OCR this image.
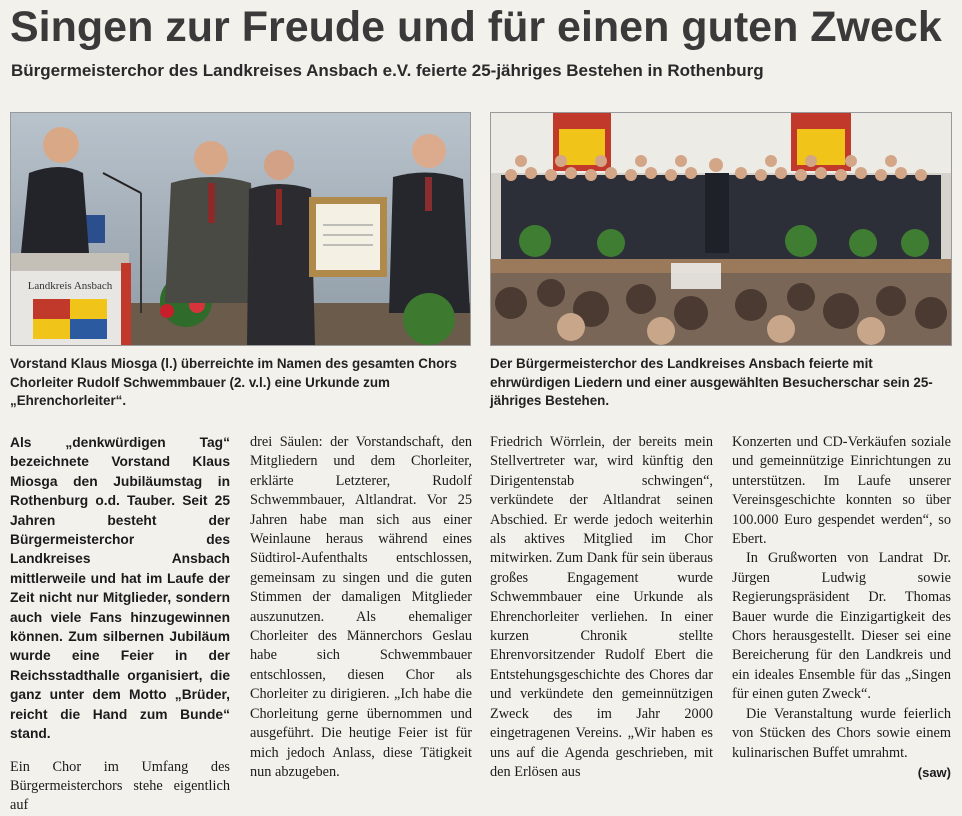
Singen zur Freude und für einen guten Zweck
Bürgermeisterchor des Landkreises Ansbach e.V. feierte 25-jähriges Bestehen in Rothenburg
Landkreis Ansbach
Vorstand Klaus Miosga (l.) überreichte im Namen des gesamten Chors Chorleiter Rudolf Schwemmbauer (2. v.l.) eine Urkunde zum „Ehrenchorleiter“.
Der Bürgermeisterchor des Landkreises Ansbach feierte mit ehrwürdigen Liedern und einer ausgewählten Besucherschar sein 25-jähriges Bestehen.

Als „denkwürdigen Tag“ bezeichnete Vorstand Klaus Miosga den Jubiläumstag in Rothenburg o.d. Tauber. Seit 25 Jahren besteht der Bürgermeisterchor des Landkreises Ansbach mittlerweile und hat im Laufe der Zeit nicht nur Mitglieder, sondern auch viele Fans hinzugewinnen können. Zum silbernen Jubiläum wurde eine Feier in der Reichsstadthalle organisiert, die ganz unter dem Motto „Brüder, reicht die Hand zum Bunde“ stand.

Ein Chor im Umfang des Bürgermeisterchors stehe eigentlich auf

drei Säulen: der Vorstandschaft, den Mitgliedern und dem Chorleiter, erklärte Letzterer, Rudolf Schwemmbauer, Altlandrat. Vor 25 Jahren habe man sich aus einer Weinlaune heraus während eines Südtirol-Aufenthalts entschlossen, gemeinsam zu singen und die guten Stimmen der damaligen Mitglieder auszunutzen. Als ehemaliger Chorleiter des Männerchors Geslau habe sich Schwemmbauer entschlossen, diesen Chor als Chorleiter zu dirigieren. „Ich habe die Chorleitung gerne übernommen und ausgeführt. Die heutige Feier ist für mich jedoch Anlass, diese Tätigkeit nun abzugeben.

Friedrich Wörrlein, der bereits mein Stellvertreter war, wird künftig den Dirigentenstab schwingen“, verkündete der Altlandrat seinen Abschied. Er werde jedoch weiterhin als aktives Mitglied im Chor mitwirken. Zum Dank für sein überaus großes Engagement wurde Schwemmbauer eine Urkunde als Ehrenchorleiter verliehen. In einer kurzen Chronik stellte Ehrenvorsitzender Rudolf Ebert die Entstehungsgeschichte des Chores dar und verkündete den gemeinnützigen Zweck des im Jahr 2000 eingetragenen Vereins. „Wir haben es uns auf die Agenda geschrieben, mit den Erlösen aus

Konzerten und CD-Verkäufen soziale und gemeinnützige Einrichtungen zu unterstützen. Im Laufe unserer Vereinsgeschichte konnten so über 100.000 Euro gespendet werden“, so Ebert.

In Grußworten von Landrat Dr. Jürgen Ludwig sowie Regierungspräsident Dr. Thomas Bauer wurde die Einzigartigkeit des Chors herausgestellt. Dieser sei eine Bereicherung für den Landkreis und ein ideales Ensemble für das „Singen für einen guten Zweck“.

Die Veranstaltung wurde feierlich von Stücken des Chors sowie einem kulinarischen Buffet umrahmt.
(saw)
